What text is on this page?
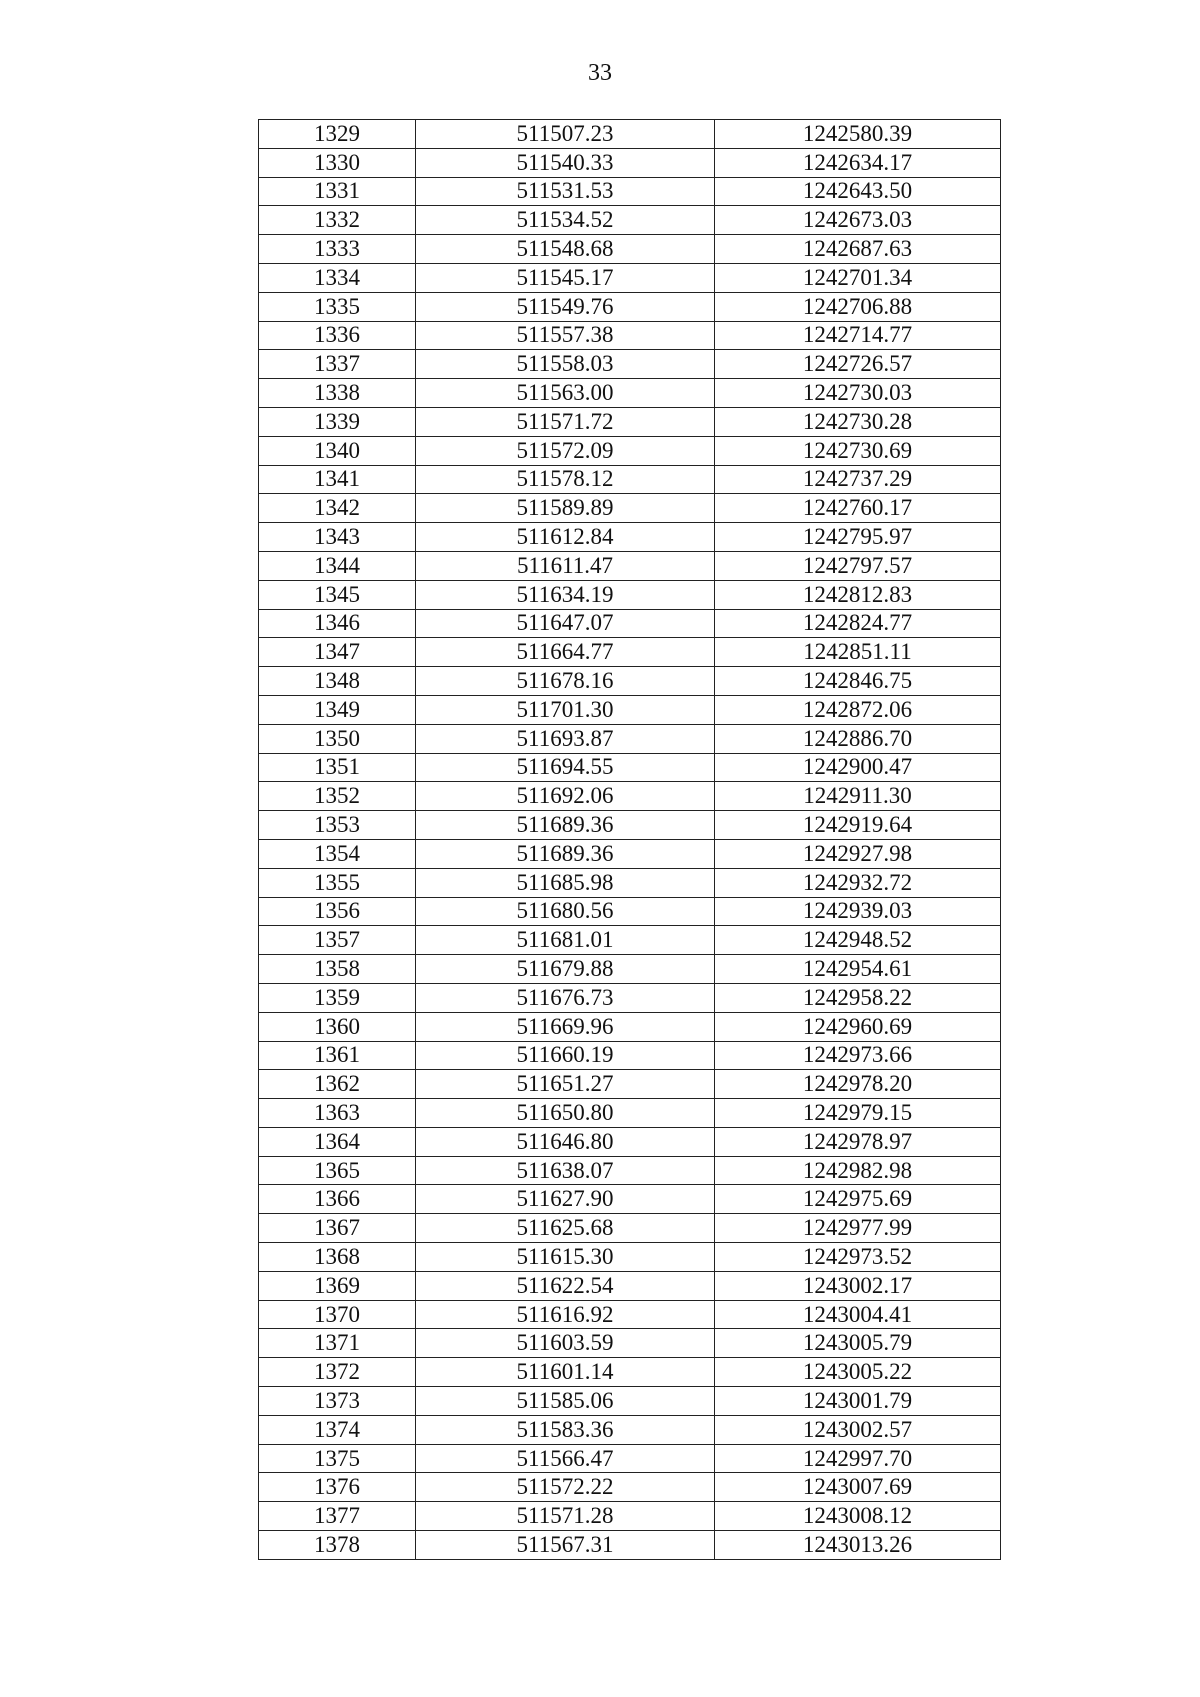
33
1329	511507.23	1242580.39
1330	511540.33	1242634.17
1331	511531.53	1242643.50
1332	511534.52	1242673.03
1333	511548.68	1242687.63
1334	511545.17	1242701.34
1335	511549.76	1242706.88
1336	511557.38	1242714.77
1337	511558.03	1242726.57
1338	511563.00	1242730.03
1339	511571.72	1242730.28
1340	511572.09	1242730.69
1341	511578.12	1242737.29
1342	511589.89	1242760.17
1343	511612.84	1242795.97
1344	511611.47	1242797.57
1345	511634.19	1242812.83
1346	511647.07	1242824.77
1347	511664.77	1242851.11
1348	511678.16	1242846.75
1349	511701.30	1242872.06
1350	511693.87	1242886.70
1351	511694.55	1242900.47
1352	511692.06	1242911.30
1353	511689.36	1242919.64
1354	511689.36	1242927.98
1355	511685.98	1242932.72
1356	511680.56	1242939.03
1357	511681.01	1242948.52
1358	511679.88	1242954.61
1359	511676.73	1242958.22
1360	511669.96	1242960.69
1361	511660.19	1242973.66
1362	511651.27	1242978.20
1363	511650.80	1242979.15
1364	511646.80	1242978.97
1365	511638.07	1242982.98
1366	511627.90	1242975.69
1367	511625.68	1242977.99
1368	511615.30	1242973.52
1369	511622.54	1243002.17
1370	511616.92	1243004.41
1371	511603.59	1243005.79
1372	511601.14	1243005.22
1373	511585.06	1243001.79
1374	511583.36	1243002.57
1375	511566.47	1242997.70
1376	511572.22	1243007.69
1377	511571.28	1243008.12
1378	511567.31	1243013.26
